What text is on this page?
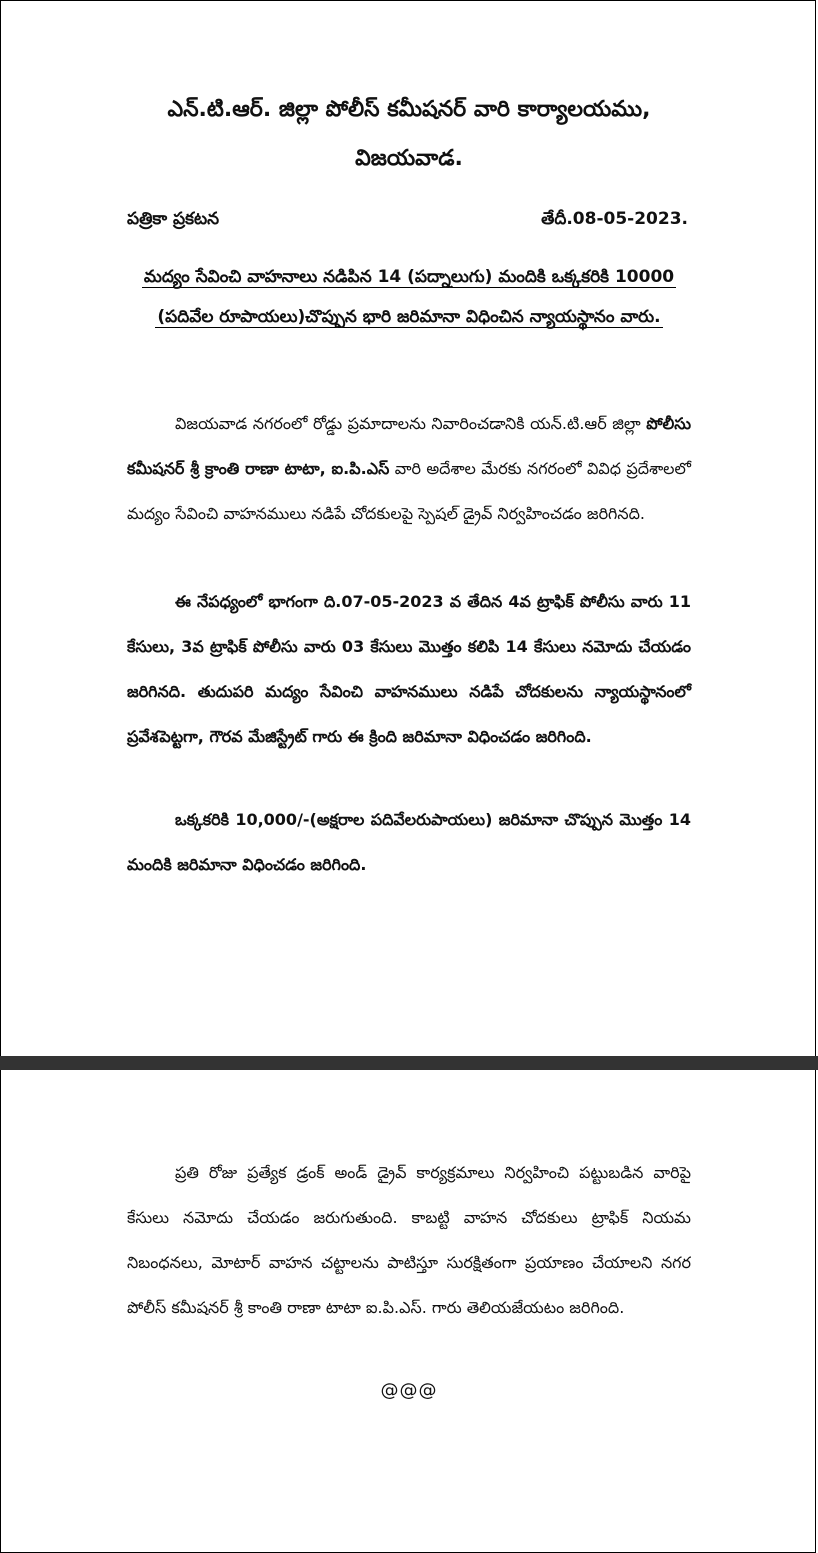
ఎన్.టి.ఆర్. జిల్లా పోలీస్ కమీషనర్ వారి కార్యాలయము,
విజయవాడ.
పత్రికా ప్రకటన	తేదీ.08-05-2023.
మద్యం సేవించి వాహనాలు నడిపిన 14 (పద్నాలుగు) మందికి ఒక్కకరికి 10000
(పదివేల రూపాయలు)చొప్పున భారి జరిమానా విధించిన న్యాయస్థానం వారు.

విజయవాడ నగరంలో రోడ్డు ప్రమాదాలను నివారించడానికి యన్.టి.ఆర్ జిల్లా పోలీసు కమీషనర్ శ్రీ క్రాంతి రాణా టాటా, ఐ.పి.ఎస్ వారి అదేశాల మేరకు నగరంలో వివిధ ప్రదేశాలలో మద్యం సేవించి వాహనములు నడిపే చోదకులపై స్పెషల్ డ్రైవ్ నిర్వహించడం జరిగినది.

ఈ నేపధ్యంలో భాగంగా ది.07-05-2023 వ తేదిన 4వ ట్రాఫిక్ పోలీసు వారు 11 కేసులు, 3వ ట్రాఫిక్ పోలీసు వారు 03 కేసులు మొత్తం కలిపి 14 కేసులు నమోదు చేయడం జరిగినది. తుదుపరి మద్యం సేవించి వాహనములు నడిపే చోదకులను న్యాయస్థానంలో ప్రవేశపెట్టగా, గౌరవ మేజిస్ట్రేట్ గారు ఈ క్రింది జరిమానా విధించడం జరిగింది.

ఒక్కకరికి 10,000/-(అక్షరాల పదివేలరుపాయలు) జరిమానా చొప్పున మొత్తం 14 మందికి జరిమానా విధించడం జరిగింది.

ప్రతి రోజు ప్రత్యేక డ్రంక్ అండ్ డ్రైవ్ కార్యక్రమాలు నిర్వహించి పట్టుబడిన వారిపై కేసులు నమోదు చేయడం జరుగుతుంది. కాబట్టి వాహన చోదకులు ట్రాఫిక్ నియమ నిబంధనలు, మోటార్ వాహన చట్టాలను పాటిస్తూ సురక్షితంగా ప్రయాణం చేయాలని నగర పోలీస్ కమీషనర్ శ్రీ కాంతి రాణా టాటా ఐ.పి.ఎస్. గారు తెలియజేయటం జరిగింది.

@@@
